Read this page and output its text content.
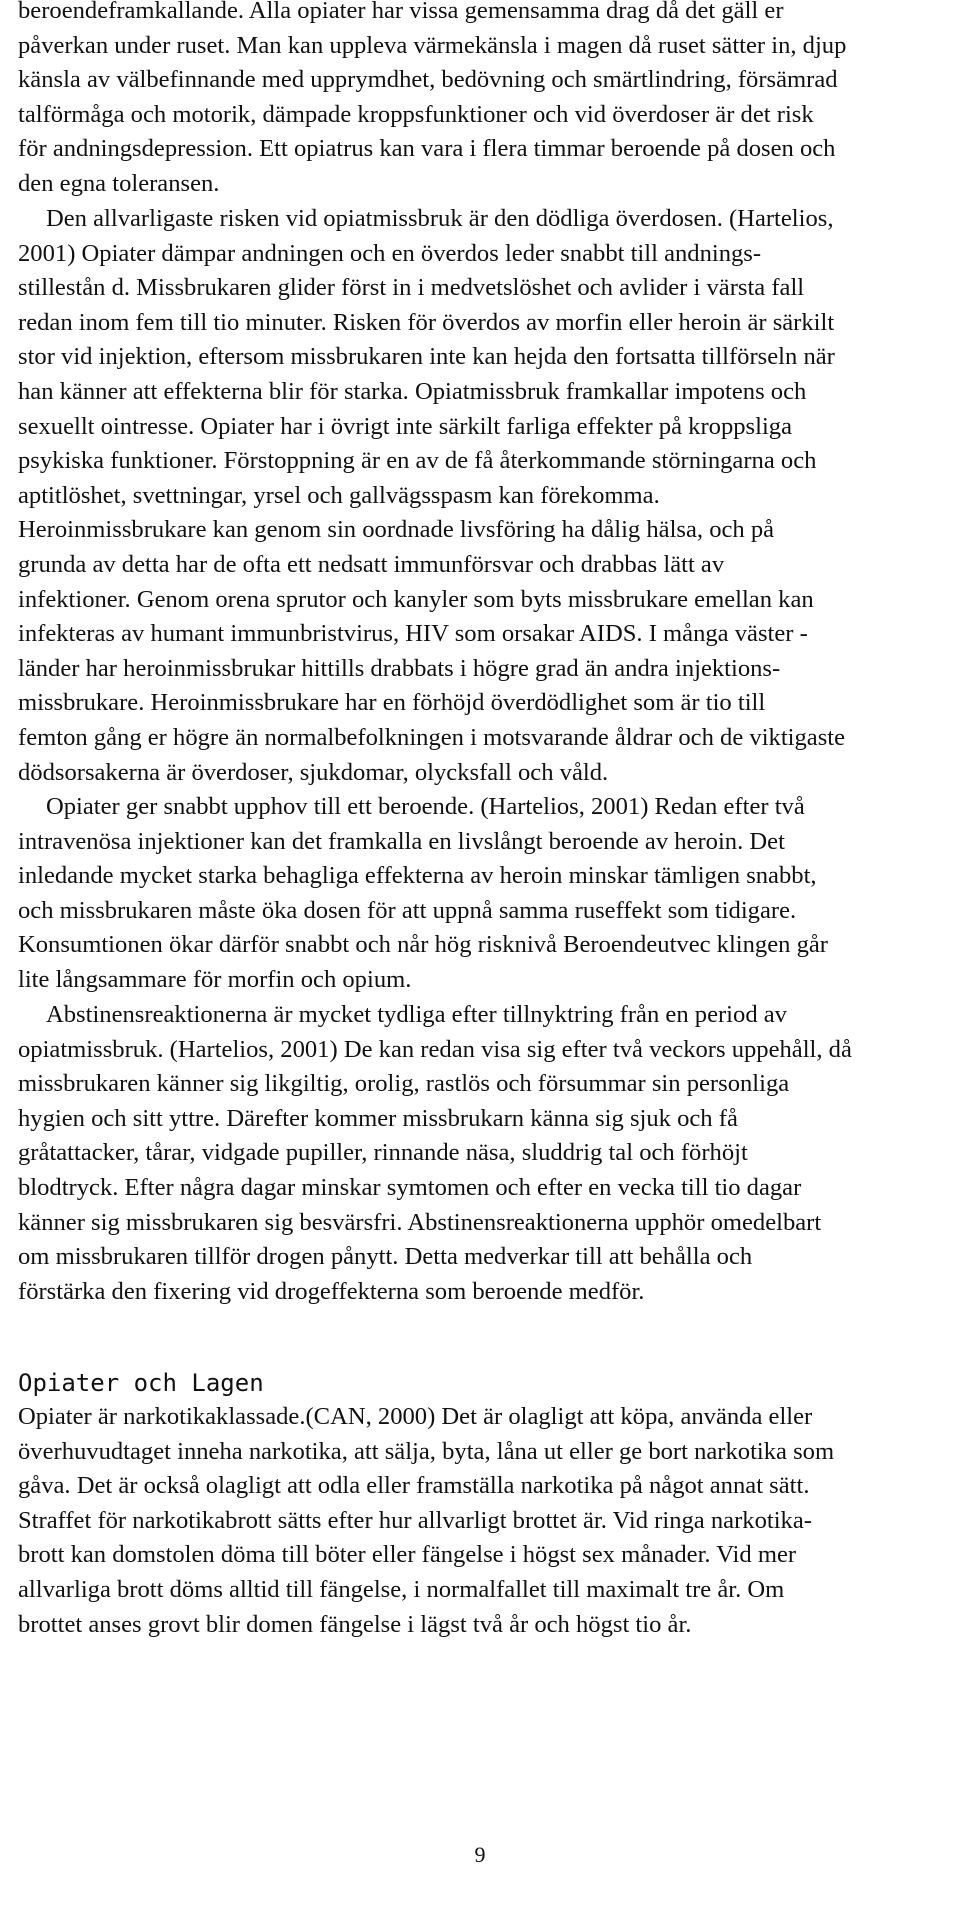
beroendeframkallande. Alla opiater har vissa gemensamma drag då det gäll er
påverkan under ruset. Man kan uppleva värmekänsla i magen då ruset sätter in, djup
känsla av välbefinnande med upprymdhet, bedövning och smärtlindring, försämrad
talförmåga och motorik, dämpade kroppsfunktioner och vid överdoser är det risk
för andningsdepression. Ett opiatrus kan vara i flera timmar beroende på dosen och
den egna toleransen.
Den allvarligaste risken vid opiatmissbruk är den dödliga överdosen. (Hartelios,
2001) Opiater dämpar andningen och en överdos leder snabbt till andnings-
stillestån d. Missbrukaren glider först in i medvetslöshet och avlider i värsta fall
redan inom fem till tio minuter. Risken för överdos av morfin eller heroin är särkilt
stor vid injektion, eftersom missbrukaren inte kan hejda den fortsatta tillförseln när
han känner att effekterna blir för starka. Opiatmissbruk framkallar impotens och
sexuellt ointresse. Opiater har i övrigt inte särkilt farliga effekter på kroppsliga
psykiska funktioner. Förstoppning är en av de få återkommande störningarna och
aptitlöshet, svettningar, yrsel och gallvägsspasm kan förekomma.
Heroinmissbrukare kan genom sin oordnade livsföring ha dålig hälsa, och på
grunda av detta har de ofta ett nedsatt immunförsvar och drabbas lätt av
infektioner. Genom orena sprutor och kanyler som byts missbrukare emellan kan
infekteras av humant immunbristvirus, HIV som orsakar AIDS. I många väster -
länder har heroinmissbrukar hittills drabbats i högre grad än andra injektions-
missbrukare. Heroinmissbrukare har en förhöjd överdödlighet som är tio till
femton gång er högre än normalbefolkningen i motsvarande åldrar och de viktigaste
dödsorsakerna är överdoser, sjukdomar, olycksfall och våld.
Opiater ger snabbt upphov till ett beroende. (Hartelios, 2001) Redan efter två
intravenösa injektioner kan det framkalla en livslångt beroende av heroin. Det
inledande mycket starka behagliga effekterna av heroin minskar tämligen snabbt,
och missbrukaren måste öka dosen för att uppnå samma ruseffekt som tidigare.
Konsumtionen ökar därför snabbt och når hög risknivå Beroendeutvec klingen går
lite långsammare för morfin och opium.
Abstinensreaktionerna är mycket tydliga efter tillnyktring från en period av
opiatmissbruk. (Hartelios, 2001) De kan redan visa sig efter två veckors uppehåll, då
missbrukaren känner sig likgiltig, orolig, rastlös och försummar sin personliga
hygien och sitt yttre. Därefter kommer missbrukarn känna sig sjuk och få
gråtattacker, tårar, vidgade pupiller, rinnande näsa, sluddrig tal och förhöjt
blodtryck. Efter några dagar minskar symtomen och efter en vecka till tio dagar
känner sig missbrukaren sig besvärsfri. Abstinensreaktionerna upphör omedelbart
om missbrukaren tillför drogen pånytt. Detta medverkar till att behålla och
förstärka den fixering vid drogeffekterna som beroende medför.
Opiater och Lagen
Opiater är narkotikaklassade.(CAN, 2000) Det är olagligt att köpa, använda eller
överhuvudtaget inneha narkotika, att sälja, byta, låna ut eller ge bort narkotika som
gåva. Det är också olagligt att odla eller framställa narkotika på något annat sätt.
Straffet för narkotikabrott sätts efter hur allvarligt brottet är. Vid ringa narkotika-
brott kan domstolen döma till böter eller fängelse i högst sex månader. Vid mer
allvarliga brott döms alltid till fängelse, i normalfallet till maximalt tre år. Om
brottet anses grovt blir domen fängelse i lägst två år och högst tio år.
9
